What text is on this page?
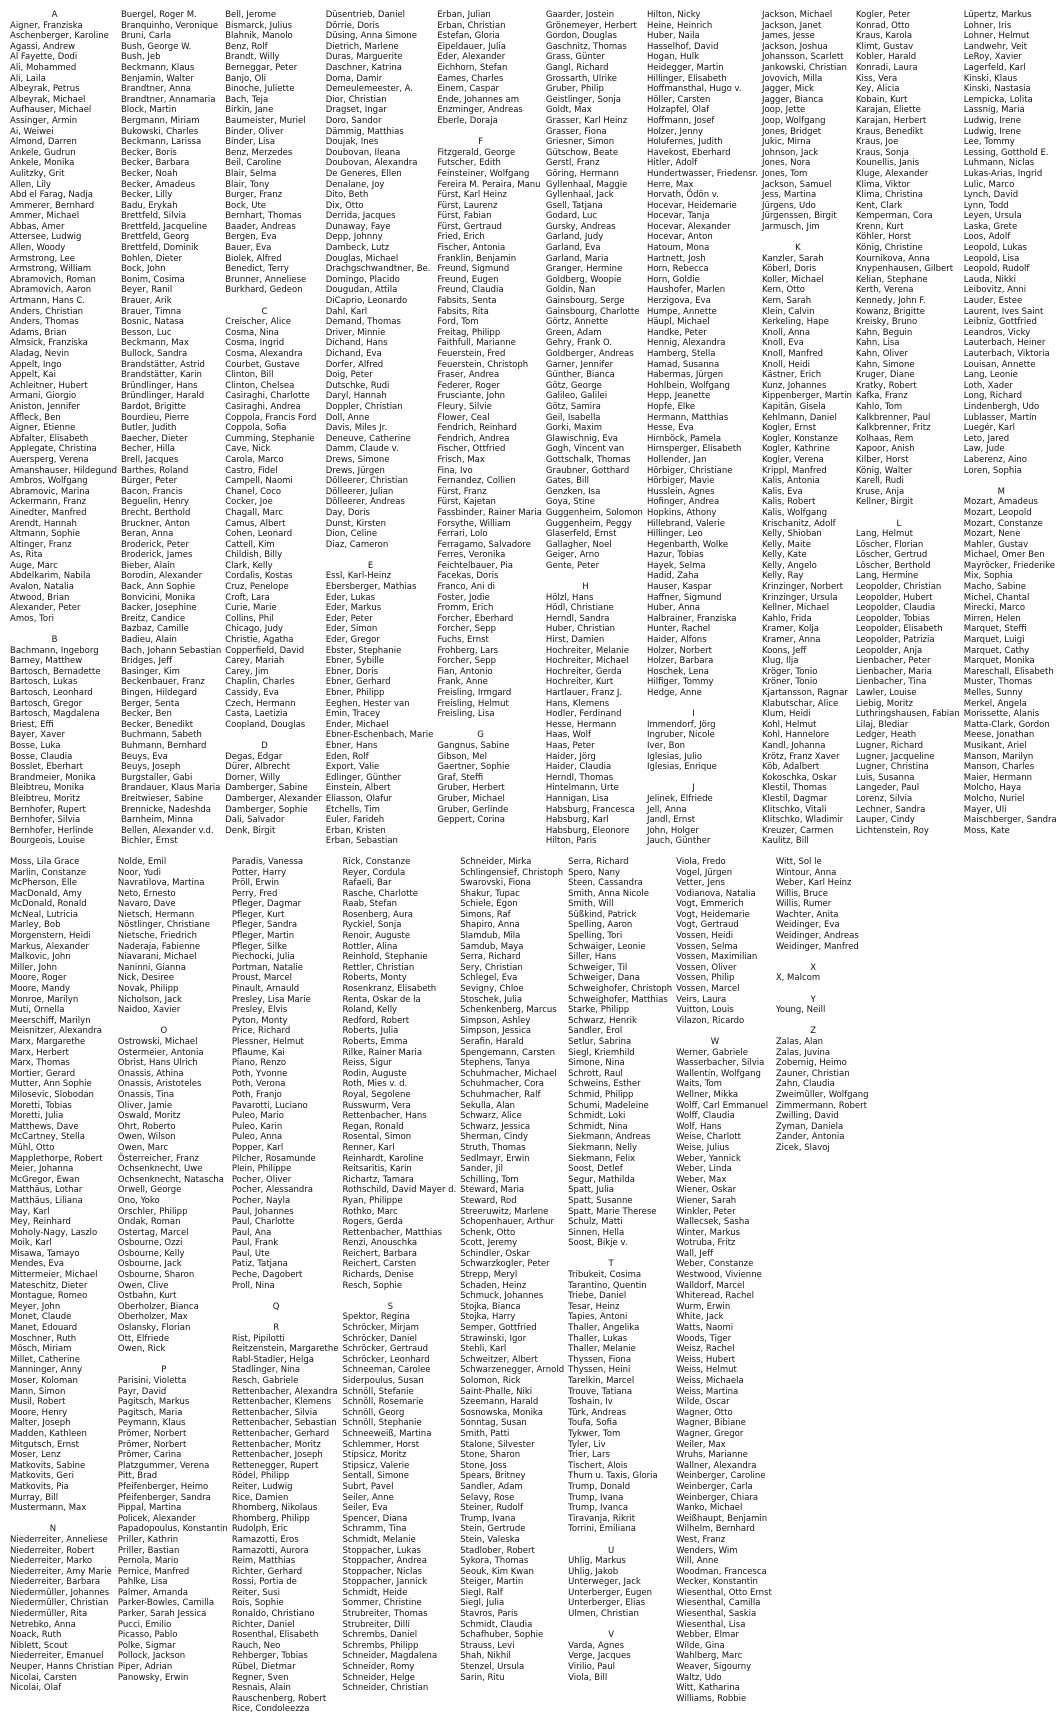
A
Aigner, Franziska
Aschenberger, Karoline
Agassi, Andrew
Al Fayette, Dodi
Ali, Mohammed
Ali, Laila
Albeyrak, Petrus
Albeyrak, Michael
Aufhauser, Michael
Assinger, Armin
Ai, Weiwei
Almond, Darren
Ankele, Gudrun
Ankele, Monika
Aulitzky, Grit
Allen, Lily
Abd el Farag, Nadja
Ammerer, Bernhard
Ammer, Michael
Abbas, Amer
Attersee, Ludwig
Allen, Woody
Armstrong, Lee
Armstrong, William
Abramovich, Roman
Abramovich, Aaron
Artmann, Hans C.
Anders, Christian
Anders, Thomas
Adams, Brian
Almsick, Franziska
Aladag, Nevin
Appelt, Ingo
Appelt, Kai
Achleitner, Hubert
Armani, Giorgio
Aniston, Jennifer
Affleck, Ben
Aigner, Etienne
Abfalter, Elisabeth
Applegate, Christina
Auersperg, Verena
Amanshauser, Hildegund
Ambros, Wolfgang
Abramovic, Marina
Ackermann, Franz
Ainedter, Manfred
Arendt, Hannah
Altmann, Sophie
Altinger, Franz
As, Rita
Auge, Marc
Abdelkarim, Nabila
Avalon, Natalia
Atwood, Brian
Alexander, Peter
Amos, Tori
B
Bachmann, Ingeborg
Barney, Matthew
Bartosch, Bernadette
Bartosch, Lukas
Bartosch, Leonhard
Bartosch, Gregor
Bartosch, Magdalena
Briest, Effi
Bayer, Xaver
Bosse, Luka
Bosse, Claudia
Bosslet, Eberhart
Brandmeier, Monika
Bleibtreu, Monika
Bleibtreu, Moritz
Bernhofer, Rupert
Bernhofer, Silvia
Bernhofer, Herlinde
Bourgeois, Louise
Buergel, Roger M.
Branquinho, Veronique
Bruni, Carla
Bush, George W.
Bush, Jeb
Beckmann, Klaus
Benjamin, Walter
Brandtner, Anna
Brandtner, Annamaria
Block, Martin
Bergmann, Miriam
Bukowski, Charles
Beckmann, Larissa
Becker, Boris
Becker, Barbara
Becker, Noah
Becker, Amadeus
Becker, Lilly
Badu, Erykah
Brettfeld, Silvia
Brettfeld, Jacqueline
Brettfeld, Georg
Brettfeld, Dominik
Bohlen, Dieter
Bock, John
Bonim, Cosima
Beyer, Ranil
Brauer, Arik
Brauer, Timna
Bosnic, Natasa
Besson, Luc
Beckmann, Max
Bullock, Sandra
Brandstätter, Astrid
Brandstätter, Karin
Bründlinger, Hans
Bründlinger, Harald
Bardot, Brigitte
Bourdieu, Pierre
Butler, Judith
Baecher, Dieter
Becher, Hilla
Brell, Jacques
Barthes, Roland
Bürger, Peter
Bacon, Francis
Beguelin, Henry
Brecht, Berthold
Bruckner, Anton
Beran, Anna
Broderick, Peter
Broderick, James
Bieber, Alain
Borodin, Alexander
Back, Ann Sophie
Bonvicini, Monika
Backer, Josephine
Breitz, Candice
Bazbaz, Camille
Badieu, Alain
Bach, Johann Sebastian
Bridges, Jeff
Basinger, Kim
Beckenbauer, Franz
Bingen, Hildegard
Berger, Senta
Becker, Ben
Becker, Benedikt
Buchmann, Sabeth
Buhmann, Bernhard
Beuys, Eva
Beuys, Joseph
Burgstaller, Gabi
Brandauer, Klaus Maria
Breitwieser, Sabine
Brennicke, Nadeshda
Barnheim, Minna
Bellen, Alexander v.d.
Bichler, Ernst
Bell, Jerome
Bismarck, Julius
Blahnik, Manolo
Benz, Rolf
Brandt, Willy
Berneggar, Peter
Banjo, Oli
Binoche, Juliette
Bach, Teja
Birkin, Jane
Baumeister, Muriel
Binder, Oliver
Binder, Lisa
Benz, Merzedes
Beil, Caroline
Blair, Selma
Blair, Tony
Burger, Franz
Bock, Ute
Bernhart, Thomas
Baader, Andreas
Bergen, Eva
Bauer, Eva
Biolek, Alfred
Benedict, Terry
Brunner, Anneliese
Burkhard, Gedeon
C
Creischer, Alice
Cosma, Nina
Cosma, Ingrid
Cosma, Alexandra
Courbet, Gustave
Clinton, Bill
Clinton, Chelsea
Casiraghi, Charlotte
Casiraghi, Andrea
Coppola, Francis Ford
Coppola, Sofia
Cumming, Stephanie
Cave, Nick
Carola, Marco
Castro, Fidel
Campell, Naomi
Chanel, Coco
Cocker, Joe
Chagall, Marc
Camus, Albert
Cohen, Leonard
Cattell, Kim
Childish, Billy
Clark, Kelly
Cordalis, Kostas
Cruz, Penelope
Croft, Lara
Curie, Marie
Collins, Phil
Chicago, Judy
Christie, Agatha
Copperfield, David
Carey, Mariah
Carey, Jim
Chaplin, Charles
Cassidy, Eva
Czech, Hermann
Casta, Laetizia
Coopland, Douglas
D
Degas, Edgar
Dürer, Albrecht
Dorner, Willy
Damberger, Sabine
Damberger, Alexander
Damberger, Sophie
Dali, Salvador
Denk, Birgit
Düsentrieb, Daniel
Dörrie, Doris
Düsing, Anna Simone
Dietrich, Marlene
Duras, Marguerite
Daschner, Katrina
Doma, Damir
Demeulemeester, A.
Dior, Christian
Dragset, Ingar
Doro, Sandor
Dämmig, Matthias
Doujak, Ines
Doubovan, Ileana
Doubovan, Alexandra
De Generes, Ellen
Denalane, Joy
Dito, Beth
Dix, Otto
Derrida, Jacques
Dunaway, Faye
Depp, Johnny
Dambeck, Lutz
Douglas, Michael
Drachgschwandtner, Be.
Domingo, Placido
Dougudan, Attila
DiCaprio, Leonardo
Dahl, Karl
Demand, Thomas
Driver, Minnie
Dichand, Hans
Dichand, Eva
Dorfer, Alfred
Doig, Peter
Dutschke, Rudi
Daryl, Hannah
Doppler, Christian
Doll, Anne
Davis, Miles Jr.
Deneuve, Catherine
Damm, Claude v.
Drews, Simone
Drews, Jürgen
Dölleerer, Christian
Dölleerer, Julian
Dölleerer, Andreas
Day, Doris
Dunst, Kirsten
Dion, Celine
Diaz, Cameron
E
Essl, Karl-Heinz
Ebersberger, Mathias
Eder, Lukas
Eder, Markus
Eder, Peter
Eder, Simon
Eder, Gregor
Ebster, Stephanie
Ebner, Sybille
Ebner, Doris
Ebner, Gerhard
Ebner, Philipp
Eeghen, Hester van
Emin, Tracey
Ender, Michael
Ebner-Eschenbach, Marie
Ebner, Hans
Eden, Rolf
Export, Valie
Edlinger, Günther
Einstein, Albert
Eliasson, Olafur
Etchells, Tim
Euler, Farideh
Erban, Kristen
Erban, Sebastian
Erban, Julian
Erban, Christian
Estefan, Gloria
Eipeldauer, Julia
Eder, Alexander
Eichhorn, Stefan
Eames, Charles
Einem, Caspar
Ende, Johannes am
Enzminger, Andreas
Eberle, Doraja
F
Fitzgerald, George
Futscher, Edith
Feinsteiner, Wolfgang
Fereira M. Peraira, Manu
Fürst, Karl Heinz
Fürst, Laurenz
Fürst, Fabian
Fürst, Gertraud
Fried, Erich
Fischer, Antonia
Franklin, Benjamin
Freund, Sigmund
Freund, Eugen
Freund, Claudia
Fabsits, Senta
Fabsits, Rita
Ford, Tom
Freitag, Philipp
Faithfull, Marianne
Feuerstein, Fred
Feuerstein, Christoph
Fraser, Andrea
Federer, Roger
Frusciante, John
Fleury, Silvie
Flower, Ceal
Fendrich, Reinhard
Fendrich, Andrea
Fischer, Ottfried
Frisch, Max
Fina, Ivo
Fernandez, Collien
Fürst, Franz
Fürst, Kajetan
Fassbinder, Rainer Maria
Forsythe, William
Ferrari, Lolo
Ferragamo, Salvadore
Ferres, Veronika
Feichtelbauer, Pia
Facekas, Doris
Franco, Ani di
Foster, Jodie
Fromm, Erich
Forcher, Eberhard
Forcher, Sepp
Fuchs, Ernst
Frohberg, Lars
Forcher, Sepp
Fian, Antonio
Frank, Anne
Freisling, Irmgard
Freisling, Helmut
Freisling, Lisa
G
Gangnus, Sabine
Gibson, Mel
Gaertner, Sophie
Graf, Steffi
Gruber, Herbert
Gruber, Michael
Gruber, Gerlinde
Geppert, Corina
Gaarder, Jostein
Grönemeyer, Herbert
Gordon, Douglas
Gaschnitz, Thomas
Grass, Günter
Gangl, Richard
Grossarth, Ulrike
Gruber, Philip
Geistlinger, Sonja
Goldt, Max
Grasser, Karl Heinz
Grasser, Fiona
Griesner, Simon
Gütschow, Beate
Gerstl, Franz
Göring, Hermann
Gyllenhaal, Maggie
Gyllenhaal, Jack
Gsell, Tatjana
Godard, Luc
Gursky, Andreas
Garland, Judy
Garland, Eva
Garland, Maria
Granger, Hermine
Goldberg, Woopie
Goldin, Nan
Gainsbourg, Serge
Gainsbourg, Charlotte
Görtz, Annette
Green, Adam
Gehry, Frank O.
Goldberger, Andreas
Garner, Jennifer
Günther, Bianca
Götz, George
Galileo, Galilei
Götz, Samira
Geil, Isabella
Gorki, Maxim
Glawischnig, Eva
Gogh, Vincent van
Gottschalk, Thomas
Graubner, Gotthard
Gates, Bill
Genzken, Isa
Goya, Stine
Guggenheim, Solomon
Guggenheim, Peggy
Glaserfeld, Ernst
Gallagher, Noel
Geiger, Arno
Gente, Peter
H
Hölzl, Hans
Hödl, Christiane
Herndl, Sandra
Huber, Christian
Hirst, Damien
Hochreiter, Melanie
Hochreiter, Michael
Hochreiter, Gerda
Hochreiter, Kurt
Hartlauer, Franz J.
Hans, Klemens
Hodler, Ferdinand
Hesse, Hermann
Haas, Wolf
Haas, Peter
Haider, Jörg
Haider, Claudia
Herndl, Thomas
Hintelmann, Urte
Hannigan, Lisa
Habsburg, Francesca
Habsburg, Karl
Habsburg, Eleonore
Hilton, Paris
Hilton, Nicky
Heine, Heinrich
Huber, Naila
Hasselhof, David
Hogan, Hulk
Heidegger, Martin
Hillinger, Elisabeth
Hoffmansthal, Hugo v.
Höller, Carsten
Holzapfel, Olaf
Hoffmann, Josef
Holzer, Jenny
Holufernes, Judith
Havekost, Eberhard
Hitler, Adolf
Hundertwasser, Friedensr.
Herre, Max
Horvath, Ödön v.
Hocevar, Heidemarie
Hocevar, Tanja
Hocevar, Alexander
Hocevar, Anton
Hatoum, Mona
Hartnett, Josh
Horn, Rebecca
Horn, Goldie
Haushofer, Marlen
Herzigova, Eva
Humpe, Annette
Häupl, Michael
Handke, Peter
Hennig, Alexandra
Hamberg, Stella
Hamad, Susanna
Habermas, Jürgen
Hohlbein, Wolfgang
Hepp, Jeanette
Hopfe, Elke
Hermann, Matthias
Hesse, Eva
Hirnböck, Pamela
Hirnsperger, Elisabeth
Hollender, Jan
Hörbiger, Christiane
Hörbiger, Mavie
Husslein, Agnes
Hofinger, Andrea
Hopkins, Athony
Hillebrand, Valerie
Hillinger, Leo
Hegenbarth, Wolke
Hazur, Tobias
Hayek, Selma
Hadid, Zaha
Hauser, Kaspar
Haffner, Sigmund
Huber, Anna
Halbrainer, Franziska
Hunter, Rachel
Haider, Alfons
Holzer, Norbert
Holzer, Barbara
Hoschek, Lena
Hilfiger, Tommy
Hedge, Anne
I
Immendorf, Jörg
Ingruber, Nicole
Iver, Bon
Iglesias, Julio
Iglesias, Enrique
J
Jelinek, Elfriede
Jell, Anna
Jandl, Ernst
John, Holger
Jauch, Günther
Jackson, Michael
Jackson, Janet
James, Jesse
Jackson, Joshua
Johansson, Scarlett
Jankowski, Christian
Jovovich, Milla
Jagger, Mick
Jagger, Bianca
Joop, Jette
Joop, Wolfgang
Jones, Bridget
Jukic, Mirna
Johnson, Jack
Jones, Nora
Jones, Tom
Jackson, Samuel
Jess, Martina
Jürgens, Udo
Jürgenssen, Birgit
Jarmusch, Jim
K
Kanzler, Sarah
Köberl, Doris
Koller, Michael
Kern, Otto
Kern, Sarah
Klein, Calvin
Kerkeling, Hape
Knoll, Anna
Knoll, Eva
Knoll, Manfred
Knoll, Heidi
Kästner, Erich
Kunz, Johannes
Kippenberger, Martin
Kapitän, Gisela
Kehlmann, Daniel
Kogler, Ernst
Kogler, Konstanze
Kogler, Kathrine
Kogler, Verena
Krippl, Manfred
Kalis, Antonia
Kalis, Eva
Kalis, Robert
Kalis, Wolfgang
Krischanitz, Adolf
Kelly, Shioban
Kelly, Maite
Kelly, Kate
Kelly, Angelo
Kelly, Ray
Krinzinger, Norbert
Krinzinger, Ursula
Kellner, Michael
Kahlo, Frida
Kramer, Kolja
Kramer, Anna
Koons, Jeff
Klug, Ilja
Kröger, Tonio
Kröner, Tonio
Kjartansson, Ragnar
Klabutschar, Alice
Klum, Heidi
Kohl, Helmut
Kohl, Hannelore
Kandl, Johanna
Krötz, Franz Xaver
Köb, Adalbert
Kokoschka, Oskar
Klestil, Thomas
Klestil, Dagmar
Klitschko, Vitali
Klitschko, Wladimir
Kreuzer, Carmen
Kaulitz, Bill
Kogler, Peter
Konrad, Otto
Kraus, Karola
Klimt, Gustav
Kobler, Harald
Konradi, Laura
Kiss, Vera
Key, Alicia
Kobain, Kurt
Karajan, Eliette
Karajan, Herbert
Kraus, Benedikt
Kraus, Joe
Kraus, Sonja
Kounellis, Janis
Kluge, Alexander
Klima, Viktor
Klima, Christina
Kent, Clark
Kemperman, Cora
Krenn, Kurt
Köhler, Horst
König, Christine
Kournikova, Anna
Knypenhausen, Gilbert
Kelian, Stephane
Kerth, Verena
Kennedy, John F.
Kowanz, Brigitte
Kreisky, Bruno
Kahn, Beguin
Kahn, Lisa
Kahn, Oliver
Kahn, Simone
Kruger, Diane
Kratky, Robert
Kafka, Franz
Kahlo, Tom
Kalkbrenner, Paul
Kalkbrenner, Fritz
Kolhaas, Rem
Kapoor, Anish
Kilber, Horst
König, Walter
Karell, Rudi
Kruse, Anja
Kellner, Birgit
L
Lang, Helmut
Löscher, Florian
Löscher, Gertrud
Löscher, Berthold
Lang, Hermine
Leopolder, Christian
Leopolder, Hubert
Leopolder, Claudia
Leopolder, Tobias
Leopolder, Elisabeth
Leopolder, Patrizia
Leopolder, Anja
Lienbacher, Peter
Lienbacher, Maria
Lienbacher, Tina
Lawler, Louise
Liebig, Moritz
Luthringshausen, Fabian
Lilaj, Blediar
Ledger, Heath
Lugner, Richard
Lugner, Jacqueline
Lugner, Christina
Luis, Susanna
Langeder, Paul
Lorenz, Silvia
Lechner, Sandra
Lauper, Cindy
Lichtenstein, Roy
Lüpertz, Markus
Lohner, Iris
Lohner, Helmut
Landwehr, Veit
LeRoy, Xavier
Lagerfeld, Karl
Kinski, Klaus
Kinski, Nastasia
Lempicka, Lolita
Lassnig, Maria
Ludwig, Irene
Ludwig, Irene
Lee, Tommy
Lessing, Gotthold E.
Luhmann, Niclas
Lukas-Arias, Ingrid
Lulic, Marco
Lynch, David
Lynn, Todd
Leyen, Ursula
Laska, Grete
Loos, Adolf
Leopold, Lukas
Leopold, Lisa
Leopold, Rudolf
Lauda, Nikki
Leibovitz, Anni
Lauder, Estee
Laurent, Ives Saint
Leibniz, Gottfried
Leandros, Vicky
Lauterbach, Heiner
Lauterbach, Viktoria
Louisan, Annette
Lang, Leonie
Loth, Xader
Long, Richard
Lindenbergh, Udo
Lublasser, Martin
Luegér, Karl
Leto, Jared
Law, Jude
Laberenz, Aino
Loren, Sophia
M
Mozart, Amadeus
Mozart, Leopold
Mozart, Constanze
Mozart, Nene
Mahler, Gustav
Michael, Omer Ben
Mayröcker, Friederike
Mix, Sophia
Macho, Sabine
Michel, Chantal
Mirecki, Marco
Mirren, Helen
Marquet, Steffi
Marquet, Luigi
Marquet, Cathy
Marquet, Monika
Mareschall, Elisabeth
Muster, Thomas
Melles, Sunny
Merkel, Angela
Morissette, Alanis
Matta-Clark, Gordon
Meese, Jonathan
Musikant, Ariel
Manson, Marilyn
Manson, Charles
Maier, Hermann
Molcho, Haya
Molcho, Nuriel
Mayer, Uli
Maischberger, Sandra
Moss, Kate
Moss, Lila Grace
Marlin, Constanze
McPherson, Elle
MacDonald, Amy
McDonald, Ronald
McNeal, Lutricia
Marley, Bob
Morgenstern, Heidi
Markus, Alexander
Malkovic, John
Miller, John
Moore, Roger
Moore, Mandy
Monroe, Marilyn
Muti, Ornella
Meerschiff, Marilyn
Meisnitzer, Alexandra
Marx, Margarethe
Marx, Herbert
Marx, Thomas
Mortier, Gerard
Mutter, Ann Sophie
Milosevic, Slobodan
Moretti, Tobias
Moretti, Julia
Matthews, Dave
McCartney, Stella
Mühl, Otto
Mapplethorpe, Robert
Meier, Johanna
McGregor, Ewan
Matthäus, Lothar
Matthäus, Liliana
May, Karl
Mey, Reinhard
Moholy-Nagy, Laszlo
Moik, Karl
Misawa, Tamayo
Mendes, Eva
Mittermeier, Michael
Mateschitz, Dieter
Montague, Romeo
Meyer, John
Monet, Claude
Manet, Edouard
Moschner, Ruth
Mösch, Miriam
Millet, Catherine
Manninger, Anny
Moser, Koloman
Mann, Simon
Musil, Robert
Moore, Henry
Malter, Joseph
Madden, Kathleen
Mitgutsch, Ernst
Moser, Lenz
Matkovits, Sabine
Matkovits, Geri
Matkovits, Pia
Murray, Bill
Mustermann, Max
N
Niederreiter, Anneliese
Niederreiter, Robert
Niederreiter, Marko
Niederreiter, Amy Marie
Niederreiter, Barbara
Niedermüller, Johannes
Niedermüller, Christian
Niedermüller, Rita
Netrebko, Anna
Noack, Ruth
Niblett, Scout
Niederreiter, Emanuel
Neuper, Hanns Christian
Nicolai, Carsten
Nicolai, Olaf
Nolde, Emil
Noor, Yudi
Navratilova, Martina
Neto, Ernesto
Navaro, Dave
Nietsch, Hermann
Nöstlinger, Christiane
Nietsche, Friedrich
Naderaja, Fabienne
Niavarani, Michael
Naninni, Gianna
Nick, Desiree
Novak, Philipp
Nicholson, Jack
Naidoo, Xavier
O
Ostrowski, Michael
Ostermeier, Antonia
Obrist, Hans Ulrich
Onassis, Athina
Onassis, Aristoteles
Onassis, Tina
Oliver, Jamie
Oswald, Moritz
Ohrt, Roberto
Owen, Wilson
Owen, Marc
Österreicher, Franz
Ochsenknecht, Uwe
Ochsenknecht, Natascha
Orwell, George
Ono, Yoko
Orschler, Philipp
Ondak, Roman
Ostertag, Marcel
Osbourne, Ozzi
Osbourne, Kelly
Osbourne, Jack
Osbourne, Sharon
Owen, Clive
Ostbahn, Kurt
Oberholzer, Bianca
Oberholzer, Max
Oslansky, Florian
Ott, Elfriede
Owen, Rick
P
Parisini, Violetta
Payr, David
Pagitsch, Markus
Pagitsch, Maria
Peymann, Klaus
Prömer, Norbert
Prömer, Norbert
Prömer, Carina
Platzgummer, Verena
Pitt, Brad
Pfeifenberger, Heimo
Pfeifenberger, Sandra
Pippal, Martina
Policek, Alexander
Papadopoulus, Konstantin
Priller, Kathrin
Priller, Bastian
Pernola, Mario
Pernice, Manfred
Pahlke, Lisa
Palmer, Amanda
Parker-Bowles, Camilla
Parker, Sarah Jessica
Pucci, Emilio
Picasso, Pablo
Polke, Sigmar
Pollock, Jackson
Piper, Adrian
Panowsky, Erwin
Paradis, Vanessa
Potter, Harry
Pröll, Erwin
Perry, Fred
Pfleger, Dagmar
Pfleger, Kurt
Pfleger, Sandra
Pfleger, Martin
Pfleger, Silke
Piechocki, Julia
Portman, Natalie
Proust, Marcel
Pinault, Arnauld
Presley, Lisa Marie
Presley, Elvis
Pyton, Monty
Price, Richard
Plessner, Helmut
Pflaume, Kai
Piano, Renzo
Poth, Yvonne
Poth, Verona
Poth, Franjo
Pavarotti, Luciano
Puleo, Mario
Puleo, Karin
Puleo, Anna
Popper, Karl
Pilcher, Rosamunde
Plein, Philippe
Pocher, Oliver
Pocher, Alessandra
Pocher, Nayla
Paul, Johannes
Paul, Charlotte
Paul, Ana
Paul, Frank
Paul, Ute
Patiz, Tatjana
Peche, Dagobert
Proll, Nina
Q
R
Rist, Pipilotti
Reitzenstein, Margarethe
Rabl-Stadler, Helga
Stadlinger, Nina
Resch, Gabriele
Rettenbacher, Alexandra
Rettenbacher, Klemens
Rettenbacher, Silvia
Rettenbacher, Sebastian
Rettenbacher, Gerhard
Rettenbacher, Moritz
Rettenbacher, Joseph
Rettenegger, Rupert
Rödel, Philipp
Reiter, Ludwig
Rice, Damien
Rhomberg, Nikolaus
Rhomberg, Philipp
Rudolph, Eric
Ramazotti, Eros
Ramazotti, Aurora
Reim, Matthias
Richter, Gerhard
Rossi, Portia de
Reiter, Susi
Rois, Sophie
Ronaldo, Christiano
Richter, Daniel
Rosenthal, Elisabeth
Rauch, Neo
Rehberger, Tobias
Rübel, Dietmar
Regner, Sven
Resnais, Alain
Rauschenberg, Robert
Rice, Condoleezza
Rick, Constanze
Reyer, Cordula
Rafaeli, Bar
Rasche, Charlotte
Raab, Stefan
Rosenberg, Aura
Ryckiel, Sonja
Renoir, Auguste
Rottler, Alina
Reinhold, Stephanie
Rettler, Christian
Roberts, Monty
Rosenkranz, Elisabeth
Renta, Oskar de la
Roland, Kelly
Redford, Robert
Roberts, Julia
Roberts, Emma
Rilke, Rainer Maria
Reiss, Sigur
Rodin, Auguste
Roth, Mies v. d.
Royal, Segolene
Russwurm, Vera
Rettenbacher, Hans
Regan, Ronald
Rosental, Simon
Renner, Karl
Reinhardt, Karoline
Reitsaritis, Karin
Richartz, Tamara
Rothschild, David Mayer d.
Ryan, Philippe
Rothko, Marc
Rogers, Gerda
Rettenbacher, Matthias
Renzi, Anouschka
Reichert, Barbara
Reichert, Carsten
Richards, Denise
Resch, Sophie
S
Spektor, Regina
Schröcker, Mirjam
Schröcker, Daniel
Schröcker, Gertraud
Schröcker, Leonhard
Schneeman, Carolee
Siderpoulus, Susan
Schnöll, Stefanie
Schnöll, Rosemarie
Schnöll, Georg
Schnöll, Stephanie
Schneeweiß, Martina
Schlemmer, Horst
Stipsicz, Moritz
Stipsicz, Valerie
Sentall, Simone
Subrt, Pavel
Seiler, Anne
Seiler, Eva
Spencer, Diana
Schramm, Tina
Schmidt, Melanie
Stoppacher, Lukas
Stoppacher, Andrea
Stoppacher, Niclas
Stoppacher, Jannick
Schmidt, Heide
Sommer, Christine
Strubreiter, Thomas
Strubreiter, Dilli
Schrembs, Daniel
Schrembs, Philipp
Schneider, Magdalena
Schneider, Romy
Schneider, Helge
Schneider, Christian
Schneider, Mirka
Schlingensief, Christoph
Swarovski, Fiona
Shakur, Tupac
Schiele, Egon
Simons, Raf
Shapiro, Anna
Slamdub, Mila
Samdub, Maya
Serra, Richard
Sery, Christian
Schlegel, Eva
Sevigny, Chloe
Stoschek, Julia
Schenkenberg, Marcus
Simpson, Ashley
Simpson, Jessica
Serafin, Harald
Spengemann, Carsten
Stephens, Tanya
Schuhmacher, Michael
Schuhmacher, Cora
Schuhmacher, Ralf
Sekulla, Alan
Schwarz, Alice
Schwarz, Jessica
Sherman, Cindy
Struth, Thomas
Sedlmayr, Erwin
Sander, Jil
Schilling, Tom
Steward, Maria
Steward, Rod
Streeruwitz, Marlene
Schopenhauer, Arthur
Schenk, Otto
Scott, Jeremy
Schindler, Oskar
Schwarzkogler, Peter
Strepp, Meryl
Schaden, Heinz
Schmuck, Johannes
Stojka, Bianca
Stojka, Harry
Semper, Gottfried
Strawinski, Igor
Stehli, Karl
Schweitzer, Albert
Schwarzenegger, Arnold
Solomon, Rick
Saint-Phalle, Niki
Szeemann, Harald
Sosnowska, Monika
Sonntag, Susan
Smith, Patti
Stalone, Silvester
Stone, Sharon
Stone, Joss
Spears, Britney
Sandler, Adam
Selavy, Rose
Steiner, Rudolf
Trump, Ivana
Stein, Gertrude
Stein, Valeska
Stadlober, Robert
Sykora, Thomas
Seouk, Kim Kwan
Steiger, Martin
Siegl, Ralf
Siegl, Julia
Stavros, Paris
Schmidt, Claudia
Schafhuber, Sophie
Strauss, Levi
Shah, Nikhil
Stenzel, Ursula
Sarin, Ritu
Serra, Richard
Spero, Nany
Steen, Cassandra
Smith, Anna Nicole
Smith, Will
Süßkind, Patrick
Spelling, Aaron
Spelling, Tori
Schwaiger, Leonie
Siller, Hans
Schweiger, Til
Schweiger, Dana
Schweighofer, Christoph
Schweighofer, Matthias
Starke, Philipp
Schwarz, Henrik
Sandler, Erol
Setlur, Sabrina
Siegl, Kriemhild
Simone, Nina
Schrott, Raul
Schweins, Esther
Schmid, Philipp
Schumi, Madeleine
Schmidt, Loki
Schmidt, Nina
Siekmann, Andreas
Siekmann, Nelly
Siekmann, Felix
Soost, Detlef
Segur, Mathilda
Spatt, Julia
Spatt, Susanne
Spatt, Marie Therese
Schulz, Matti
Sinnen, Hella
Soost, Bikje v.
T
Tribukeit, Cosima
Tarantino, Quentin
Triebe, Daniel
Tesar, Heinz
Tapies, Antoni
Thaller, Angelika
Thaller, Lukas
Thaller, Melanie
Thyssen, Fiona
Thyssen, Heini
Tarelkin, Marcel
Trouve, Tatiana
Toshain, Iv
Türk, Andreas
Toufa, Sofia
Tykwer, Tom
Tyler, Liv
Trier, Lars
Tischert, Alois
Thurn u. Taxis, Gloria
Trump, Donald
Trump, Ivana
Trump, Ivanca
Tiravanja, Rikrit
Torrini, Emiliana
U
Uhlig, Markus
Uhlig, Jakob
Unterweger, Jack
Unterberger, Eugen
Unterberger, Elias
Ulmen, Christian
V
Varda, Agnes
Verge, Jacques
Virilio, Paul
Viola, Bill
Viola, Fredo
Vogel, Jürgen
Vetter, Jens
Vodianova, Natalia
Vogt, Emmerich
Vogt, Heidemarie
Vogt, Gertraud
Vossen, Heidi
Vossen, Selma
Vossen, Maximilian
Vossen, Oliver
Vossen, Philip
Vossen, Marcel
Veirs, Laura
Vuitton, Louis
Vilazon, Ricardo
W
Werner, Gabriele
Wasserbacher, Silvia
Wallentin, Wolfgang
Waits, Tom
Wellner, Mikka
Wolff, Carl Emmanuel
Wolff, Claudia
Wolf, Hans
Weise, Charlott
Weise, Julius
Weber, Yannick
Weber, Linda
Weber, Max
Wiener, Oskar
Wiener, Sarah
Winkler, Peter
Wallecsek, Sasha
Winter, Markus
Wotruba, Fritz
Wall, Jeff
Weber, Constanze
Westwood, Vivienne
Walldorf, Marcel
Whiteread, Rachel
Wurm, Erwin
White, Jack
Watts, Naomi
Woods, Tiger
Weisz, Rachel
Weiss, Hubert
Weiss, Helmut
Weiss, Michaela
Weiss, Martina
Wilde, Oscar
Wagner, Otto
Wagner, Bibiane
Wagner, Gregor
Weiler, Max
Wruhs, Marianne
Wallner, Alexandra
Weinberger, Caroline
Weinberger, Carla
Weinberger, Chiara
Wanko, Michael
Weißhaupt, Benjamin
Wilhelm, Bernhard
West, Franz
Wenders, Wim
Will, Anne
Woodman, Francesca
Wecker, Konstantin
Wiesenthal, Otto Ernst
Wiesenthal, Camilla
Wiesenthal, Saskia
Wiesenthal, Lisa
Webber, Elmar
Wilde, Gina
Wahlberg, Marc
Weaver, Sigourny
Waltz, Udo
Witt, Katharina
Williams, Robbie
Witt, Sol le
Wintour, Anna
Weber, Karl Heinz
Willis, Bruce
Willis, Rumer
Wachter, Anita
Weidinger, Eva
Weidinger, Andreas
Weidinger, Manfred
X
X, Malcom
Y
Young, Neill
Z
Zalas, Alan
Zalas, Juvina
Zobernig, Heimo
Zauner, Christian
Zahn, Claudia
Zweimüller, Wolfgang
Zimmermann, Robert
Zwilling, David
Zyman, Daniela
Zander, Antonia
Zicek, Slavoj
